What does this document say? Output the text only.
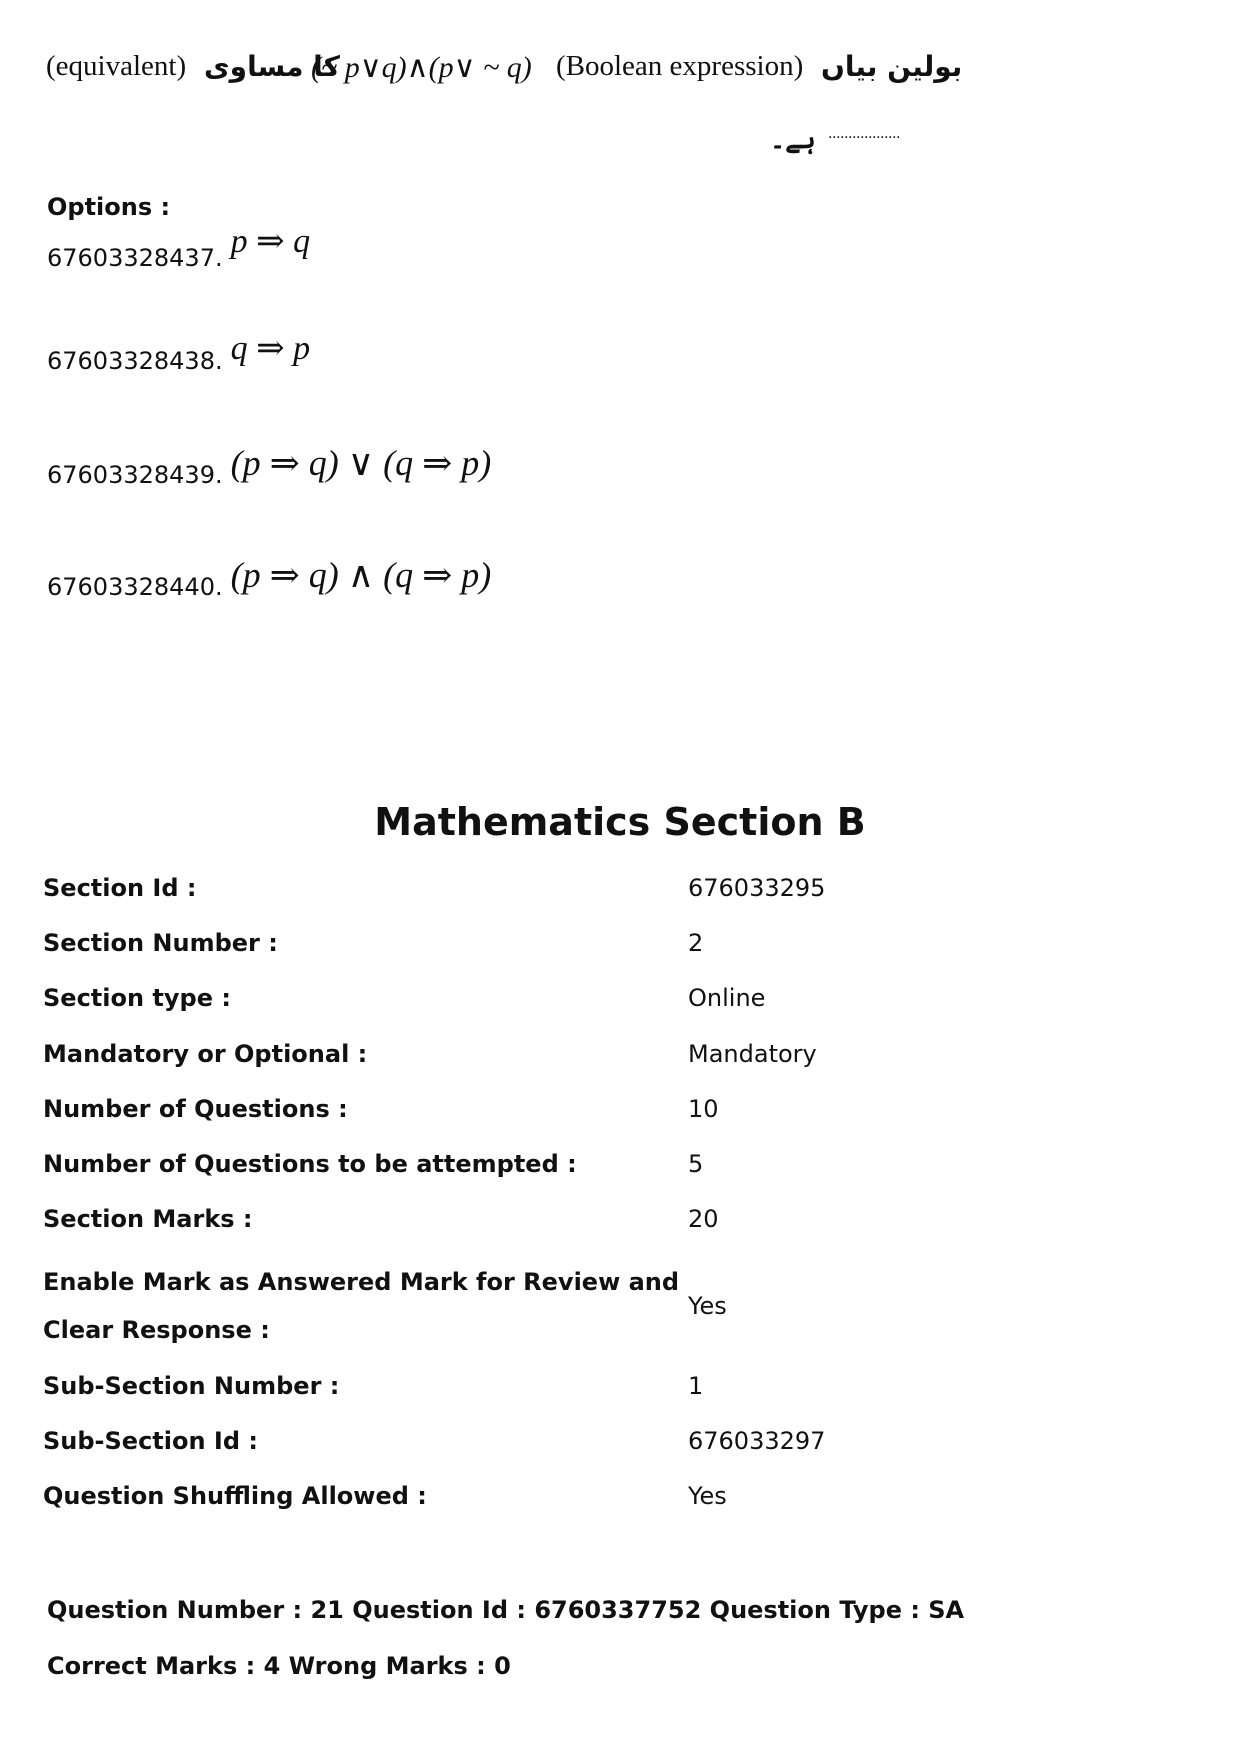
(equivalent) کا مساوی
(~ p∨q)∧(p∨ ~ q) (Boolean expression) بولین بیاں
ہے۔ ..................
Options :
67603328437. p ⇒ q
67603328438. q ⇒ p
67603328439. (p ⇒ q) ∨ (q ⇒ p)
67603328440. (p ⇒ q) ∧ (q ⇒ p)
Mathematics Section B
Section Id :	676033295
Section Number :	2
Section type :	Online
Mandatory or Optional :	Mandatory
Number of Questions :	10
Number of Questions to be attempted :	5
Section Marks :	20
Enable Mark as Answered Mark for Review and
Clear Response :
Yes
Sub-Section Number :	1
Sub-Section Id :	676033297
Question Shuffling Allowed :	Yes
Question Number : 21 Question Id : 6760337752 Question Type : SA
Correct Marks : 4 Wrong Marks : 0
